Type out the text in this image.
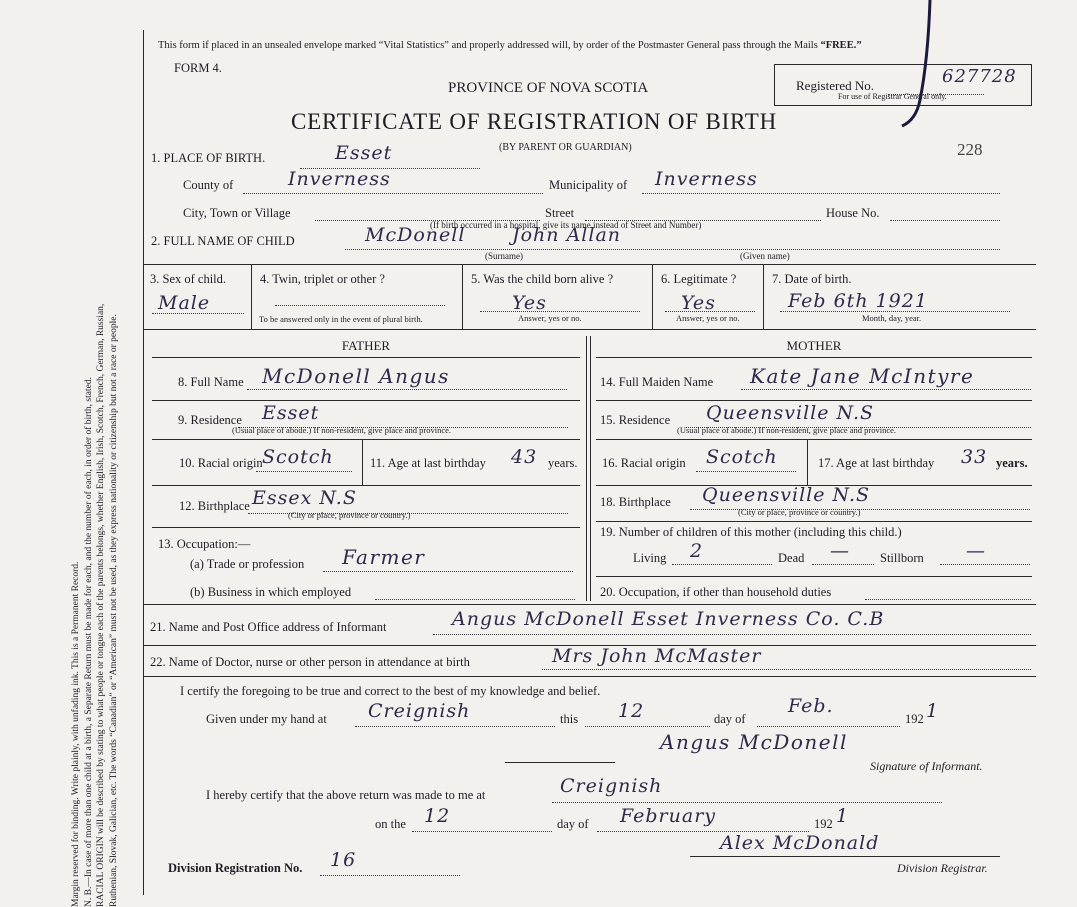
Margin reserved for binding. Write plainly, with unfading ink. This is a Permanent Record. N. B.—In case of more than one child at a birth, a Separate Return must be made for each, and the number of each, in order of birth, stated. RACIAL ORIGIN will be described by stating to what people or tongue each of the parents belongs, whether English, Irish, Scotch, French, German, Russian, Ruthenian, Slovak, Galician, etc. The words “Canadian” or “American” must not be used, as they express nationality or citizenship but not a race or people.
This form if placed in an unsealed envelope marked “Vital Statistics” and properly addressed will, by order of the Postmaster General pass through the Mails “FREE.”
FORM 4.
PROVINCE OF NOVA SCOTIA
CERTIFICATE OF REGISTRATION OF BIRTH
(BY PARENT OR GUARDIAN)
Registered No.	627728
For use of Registrar General only.
228
1. PLACE OF BIRTH.	Esset
County of	Inverness	Municipality of Inverness
City, Town or Village	Street	House No.
(If birth occurred in a hospital, give its name instead of Street and Number)
2. FULL NAME OF CHILD	McDonell John Allan
(Surname)	(Given name)
3. Sex of child.
Male
4. Twin, triplet or other ?
To be answered only in the event of plural birth.
5. Was the child born alive ?
Yes
Answer, yes or no.
6. Legitimate ?
Yes
Answer, yes or no.
7. Date of birth.
Feb 6th 1921
Month, day, year.
FATHER	MOTHER
8. Full Name McDonell Angus
9. Residence Esset
(Usual place of abode.) If non-resident, give place and province.
10. Racial origin Scotch	11. Age at last birthday 43 years.
12. Birthplace Essex N.S
(City or place, province or country.)
13. Occupation:—
(a) Trade or profession Farmer
(b) Business in which employed
14. Full Maiden Name Kate Jane McIntyre
15. Residence Queensville N.S
(Usual place of abode.) If non-resident, give place and province.
16. Racial origin Scotch	17. Age at last birthday 33 years.
18. Birthplace Queensville N.S
(City or place, province or country.)
19. Number of children of this mother (including this child.)
Living 2	Dead — Stillborn —
20. Occupation, if other than household duties
21. Name and Post Office address of Informant	Angus McDonell Esset Inverness Co. C.B
22. Name of Doctor, nurse or other person in attendance at birth	Mrs John McMaster
I certify the foregoing to be true and correct to the best of my knowledge and belief.
Given under my hand at Creignish	this 12	day of
Feb.
192 1
Angus McDonell
Signature of Informant.
I hereby certify that the above return was made to me at	Creignish
on the 12	day of February	192 1
Alex McDonald
Division Registrar.
Division Registration No. 16
